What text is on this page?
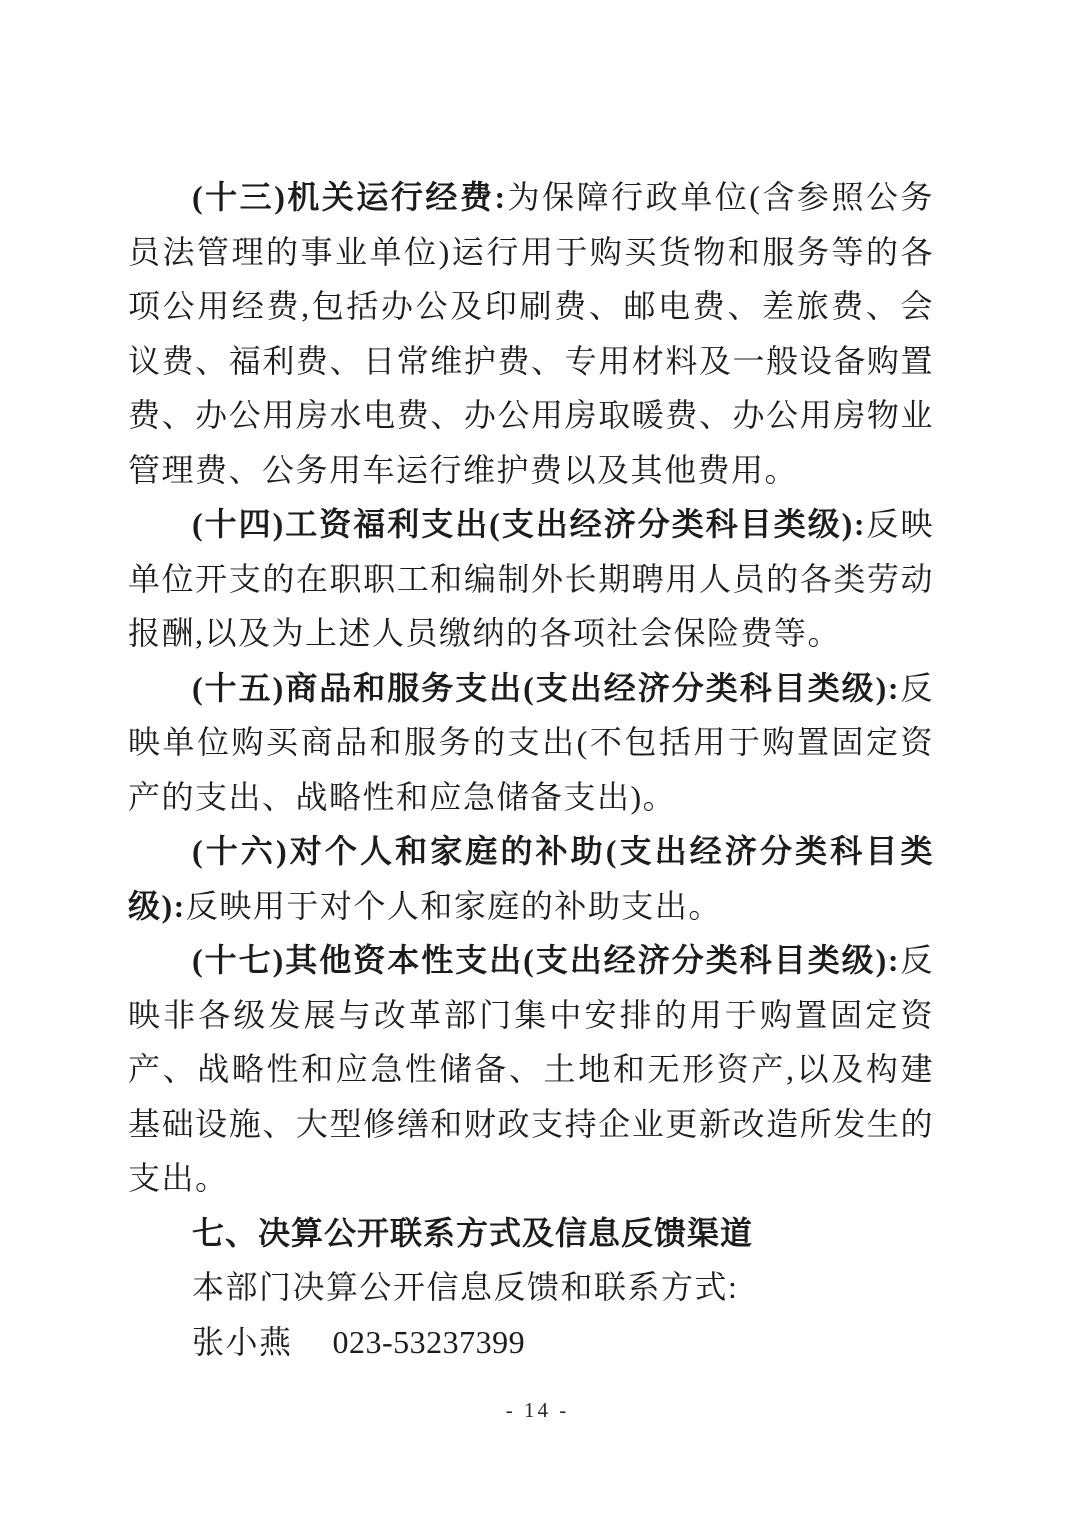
(十三)机关运行经费:为保障行政单位(含参照公务员法管理的事业单位)运行用于购买货物和服务等的各项公用经费,包括办公及印刷费、邮电费、差旅费、会议费、福利费、日常维护费、专用材料及一般设备购置费、办公用房水电费、办公用房取暖费、办公用房物业管理费、公务用车运行维护费以及其他费用。

(十四)工资福利支出(支出经济分类科目类级):反映单位开支的在职职工和编制外长期聘用人员的各类劳动报酬,以及为上述人员缴纳的各项社会保险费等。

(十五)商品和服务支出(支出经济分类科目类级):反映单位购买商品和服务的支出(不包括用于购置固定资产的支出、战略性和应急储备支出)。

(十六)对个人和家庭的补助(支出经济分类科目类级):反映用于对个人和家庭的补助支出。

(十七)其他资本性支出(支出经济分类科目类级):反映非各级发展与改革部门集中安排的用于购置固定资产、战略性和应急性储备、土地和无形资产,以及构建基础设施、大型修缮和财政支持企业更新改造所发生的支出。

七、决算公开联系方式及信息反馈渠道

本部门决算公开信息反馈和联系方式:

张小燕 023-53237399

- 14 -
